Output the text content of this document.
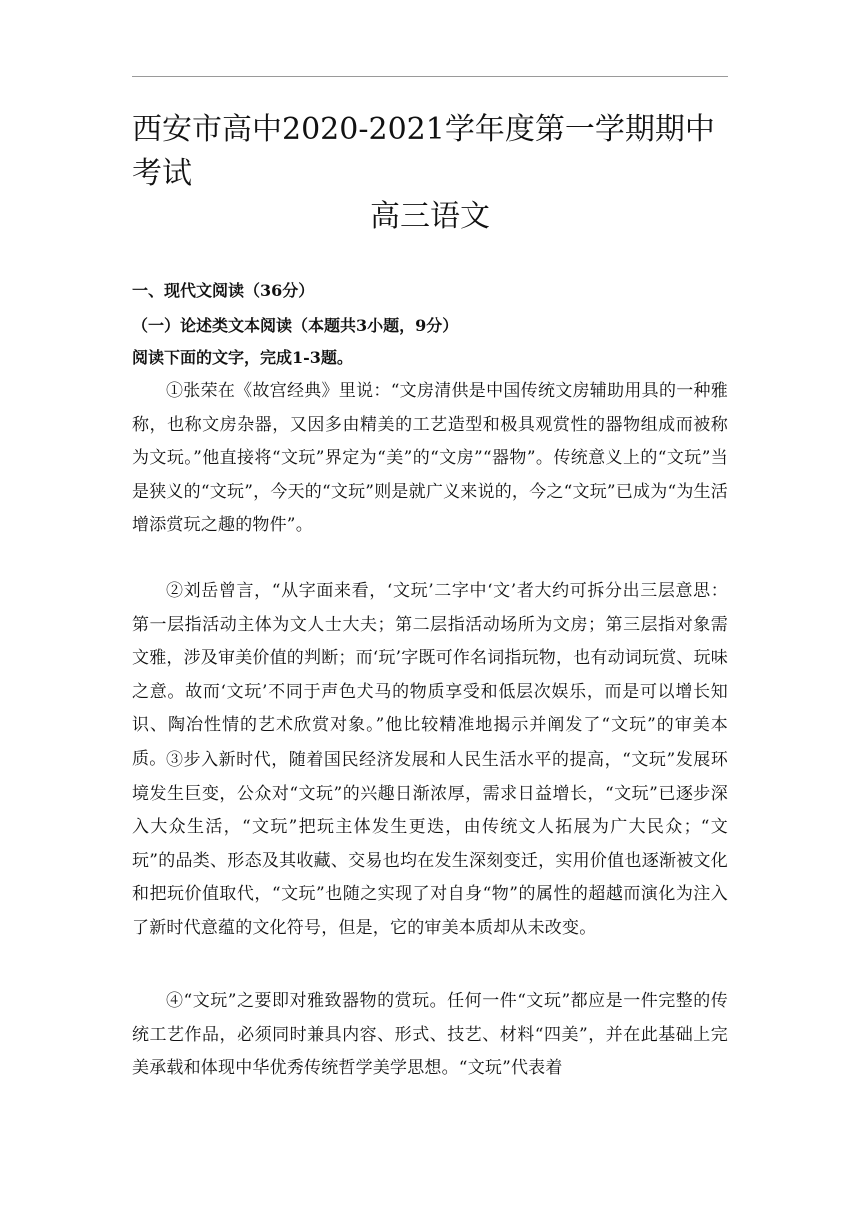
西安市高中2020-2021学年度第一学期期中考试
高三语文

一、现代文阅读（36分）

（一）论述类文本阅读（本题共3小题，9分）

阅读下面的文字，完成1-3题。

①张荣在《故宫经典》里说：“文房清供是中国传统文房辅助用具的一种雅称，也称文房杂器，又因多由精美的工艺造型和极具观赏性的器物组成而被称为文玩。”他直接将“文玩”界定为“美”的“文房”“器物”。传统意义上的“文玩”当是狭义的“文玩”，今天的“文玩”则是就广义来说的，今之“文玩”已成为“为生活增添赏玩之趣的物件”。

②刘岳曾言，“从字面来看，‘文玩’二字中‘文’者大约可拆分出三层意思：第一层指活动主体为文人士大夫；第二层指活动场所为文房；第三层指对象需文雅，涉及审美价值的判断；而‘玩’字既可作名词指玩物，也有动词玩赏、玩味之意。故而‘文玩’不同于声色犬马的物质享受和低层次娱乐，而是可以增长知识、陶冶性情的艺术欣赏对象。”他比较精准地揭示并阐发了“文玩”的审美本质。 ③步入新时代，随着国民经济发展和人民生活水平的提高，“文玩”发展环境发生巨变，公众对“文玩”的兴趣日渐浓厚，需求日益增长，“文玩”已逐步深入大众生活，“文玩”把玩主体发生更迭，由传统文人拓展为广大民众；“文玩”的品类、形态及其收藏、交易也均在发生深刻变迁，实用价值也逐渐被文化和把玩价值取代，“文玩”也随之实现了对自身“物”的属性的超越而演化为注入了新时代意蕴的文化符号，但是，它的审美本质却从未改变。

④“文玩”之要即对雅致器物的赏玩。任何一件“文玩”都应是一件完整的传统工艺作品，必须同时兼具内容、形式、技艺、材料“四美”，并在此基础上完美承载和体现中华优秀传统哲学美学思想。“文玩”代表着
